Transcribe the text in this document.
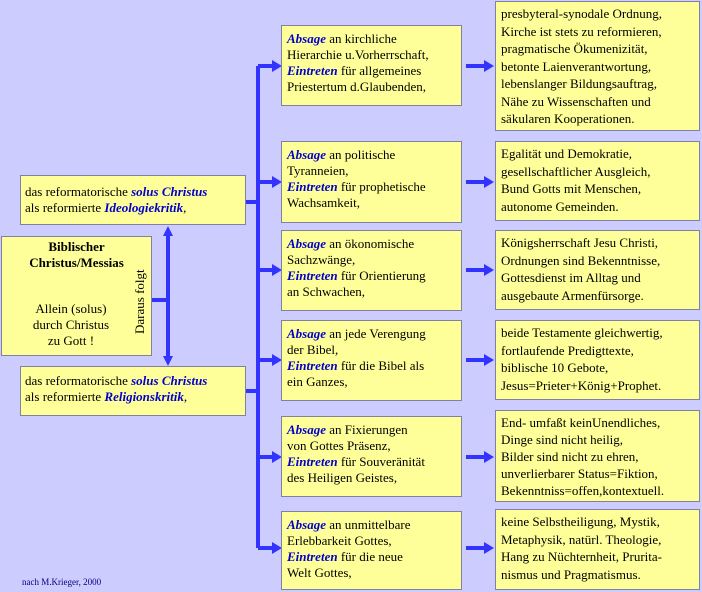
Biblischer
Christus/Messias
Allein (solus)
durch Christus
zu Gott !
Daraus folgt
das reformatorische solus Christus
als reformierte Ideologiekritik,
das reformatorische solus Christus
als reformierte Religionskritik,
Absage an kirchliche
Hierarchie u.Vorherrschaft,
Eintreten für allgemeines
Priestertum d.Glaubenden,
Absage an politische
Tyranneien,
Eintreten für prophetische
Wachsamkeit,
Absage an ökonomische
Sachzwänge,
Eintreten für Orientierung
an Schwachen,
Absage an jede Verengung
der Bibel,
Eintreten für die Bibel als
ein Ganzes,
Absage an Fixierungen
von Gottes Präsenz,
Eintreten für Souveränität
des Heiligen Geistes,
Absage an unmittelbare
Erlebbarkeit Gottes,
Eintreten für die neue
Welt Gottes,
presbyteral-synodale Ordnung,
Kirche ist stets zu reformieren,
pragmatische Ökumenizität,
betonte Laienverantwortung,
lebenslanger Bildungsauftrag,
Nähe zu Wissenschaften und
säkularen Kooperationen.
Egalität und Demokratie,
gesellschaftlicher Ausgleich,
Bund Gotts mit Menschen,
autonome Gemeinden.
Königsherrschaft Jesu Christi,
Ordnungen sind Bekenntnisse,
Gottesdienst im Alltag und
ausgebaute Armenfürsorge.
beide Testamente gleichwertig,
fortlaufende Predigttexte,
biblische 10 Gebote,
Jesus=Prieter+König+Prophet.
End- umfaßt keinUnendliches,
Dinge sind nicht heilig,
Bilder sind nicht zu ehren,
unverlierbarer Status=Fiktion,
Bekenntniss=offen,kontextuell.
keine Selbstheiligung, Mystik,
Metaphysik, natürl. Theologie,
Hang zu Nüchternheit, Prurita-
nismus und Pragmatismus.
nach M.Krieger, 2000
